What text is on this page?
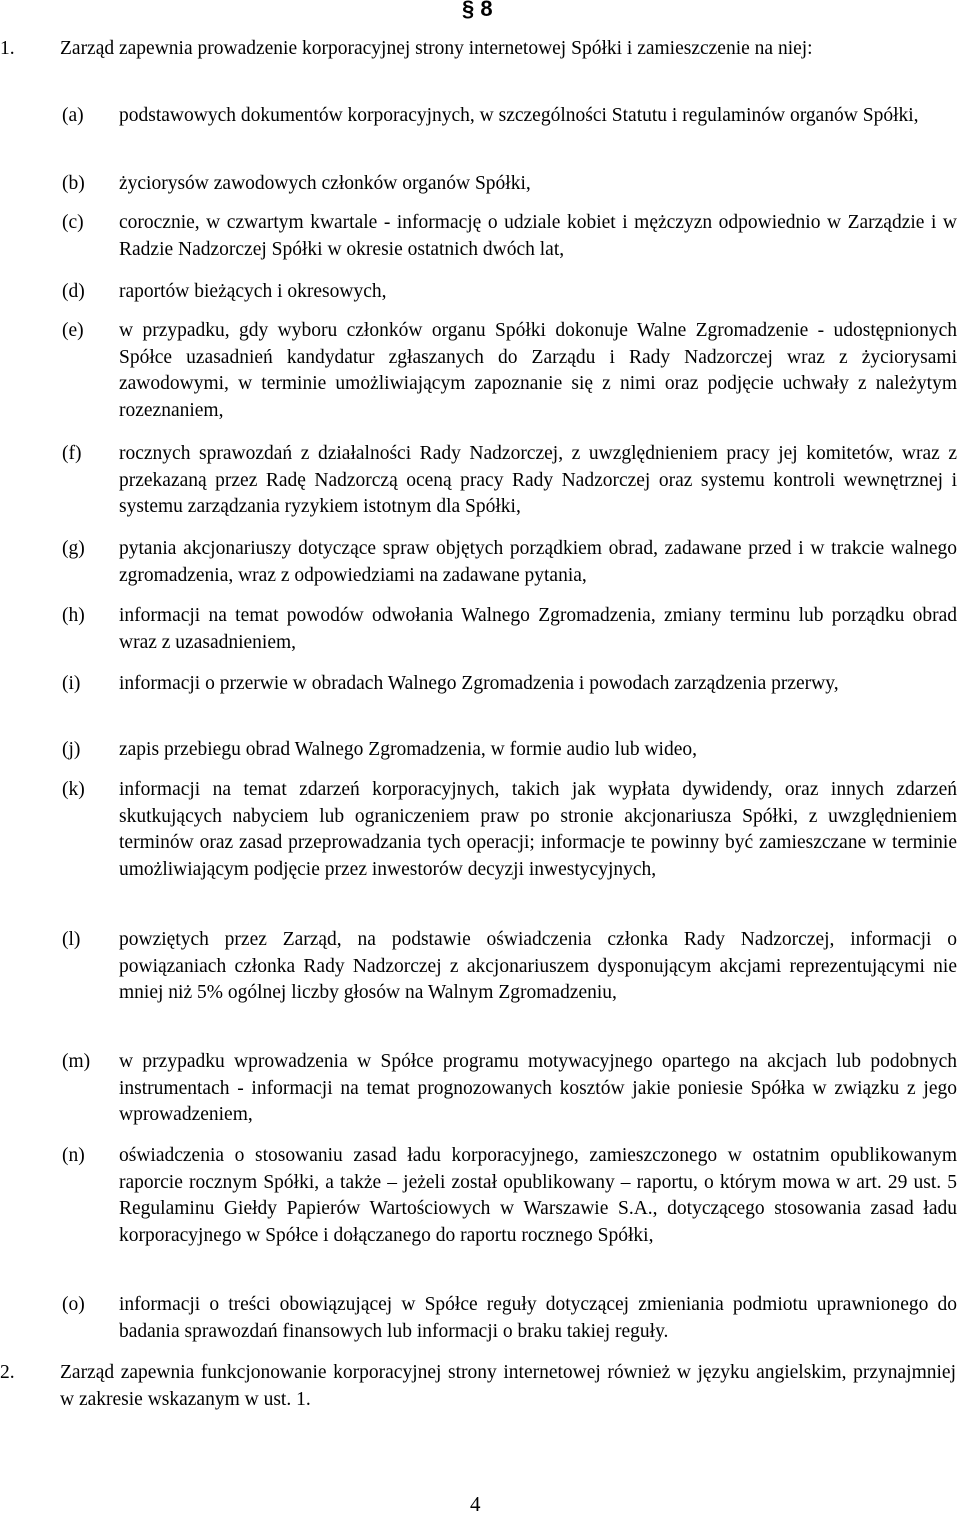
§ 8
1. Zarząd zapewnia prowadzenie korporacyjnej strony internetowej Spółki i zamieszczenie na niej:
(a) podstawowych dokumentów korporacyjnych, w szczególności Statutu i regulaminów organów Spółki,
(b) życiorysów zawodowych członków organów Spółki,
(c) corocznie, w czwartym kwartale - informację o udziale kobiet i mężczyzn odpowiednio w Zarządzie i w Radzie Nadzorczej Spółki w okresie ostatnich dwóch lat,
(d) raportów bieżących i okresowych,
(e) w przypadku, gdy wyboru członków organu Spółki dokonuje Walne Zgromadzenie - udostępnionych Spółce uzasadnień kandydatur zgłaszanych do Zarządu i Rady Nadzorczej wraz z życiorysami zawodowymi, w terminie umożliwiającym zapoznanie się z nimi oraz podjęcie uchwały z należytym rozeznaniem,
(f) rocznych sprawozdań z działalności Rady Nadzorczej, z uwzględnieniem pracy jej komitetów, wraz z przekazaną przez Radę Nadzorczą oceną pracy Rady Nadzorczej oraz systemu kontroli wewnętrznej i systemu zarządzania ryzykiem istotnym dla Spółki,
(g) pytania akcjonariuszy dotyczące spraw objętych porządkiem obrad, zadawane przed i w trakcie walnego zgromadzenia, wraz z odpowiedziami na zadawane pytania,
(h) informacji na temat powodów odwołania Walnego Zgromadzenia, zmiany terminu lub porządku obrad wraz z uzasadnieniem,
(i) informacji o przerwie w obradach Walnego Zgromadzenia i powodach zarządzenia przerwy,
(j) zapis przebiegu obrad Walnego Zgromadzenia, w formie audio lub wideo,
(k) informacji na temat zdarzeń korporacyjnych, takich jak wypłata dywidendy, oraz innych zdarzeń skutkujących nabyciem lub ograniczeniem praw po stronie akcjonariusza Spółki, z uwzględnieniem terminów oraz zasad przeprowadzania tych operacji; informacje te powinny być zamieszczane w terminie umożliwiającym podjęcie przez inwestorów decyzji inwestycyjnych,
(l) powziętych przez Zarząd, na podstawie oświadczenia członka Rady Nadzorczej, informacji o powiązaniach członka Rady Nadzorczej z akcjonariuszem dysponującym akcjami reprezentującymi nie mniej niż 5% ogólnej liczby głosów na Walnym Zgromadzeniu,
(m) w przypadku wprowadzenia w Spółce programu motywacyjnego opartego na akcjach lub podobnych instrumentach - informacji na temat prognozowanych kosztów jakie poniesie Spółka w związku z jego wprowadzeniem,
(n) oświadczenia o stosowaniu zasad ładu korporacyjnego, zamieszczonego w ostatnim opublikowanym raporcie rocznym Spółki, a także – jeżeli został opublikowany – raportu, o którym mowa w art. 29 ust. 5 Regulaminu Giełdy Papierów Wartościowych w Warszawie S.A., dotyczącego stosowania zasad ładu korporacyjnego w Spółce i dołączanego do raportu rocznego Spółki,
(o) informacji o treści obowiązującej w Spółce reguły dotyczącej zmieniania podmiotu uprawnionego do badania sprawozdań finansowych lub informacji o braku takiej reguły.
2. Zarząd zapewnia funkcjonowanie korporacyjnej strony internetowej również w języku angielskim, przynajmniej w zakresie wskazanym w ust. 1.
4
